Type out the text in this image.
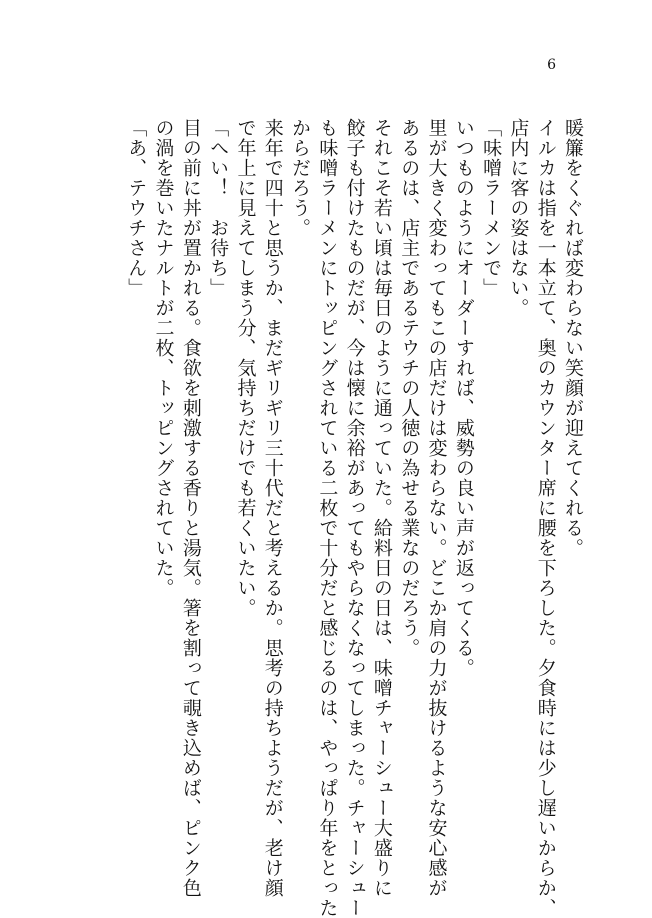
6
暖簾をくぐれば変わらない笑顔が迎えてくれる。
イルカは指を一本立て、奥のカウンター席に腰を下ろした。夕食時には少し遅いからか、
店内に客の姿はない。
「味噌ラーメンで」
いつものようにオーダーすれば、威勢の良い声が返ってくる。
里が大きく変わってもこの店だけは変わらない。どこか肩の力が抜けるような安心感が
あるのは、店主であるテウチの人徳の為せる業なのだろう。
それこそ若い頃は毎日のように通っていた。給料日の日は、味噌チャーシュー大盛りに
餃子も付けたものだが、今は懐に余裕があってもやらなくなってしまった。チャーシュー
も味噌ラーメンにトッピングされている二枚で十分だと感じるのは、やっぱり年をとった
からだろう。
来年で四十と思うか、まだギリギリ三十代だと考えるか。思考の持ちようだが、老け顔
で年上に見えてしまう分、気持ちだけでも若くいたい。
「へい！　お待ち」
目の前に丼が置かれる。食欲を刺激する香りと湯気。箸を割って覗き込めば、ピンク色
の渦を巻いたナルトが二枚、トッピングされていた。
「あ、テウチさん」
